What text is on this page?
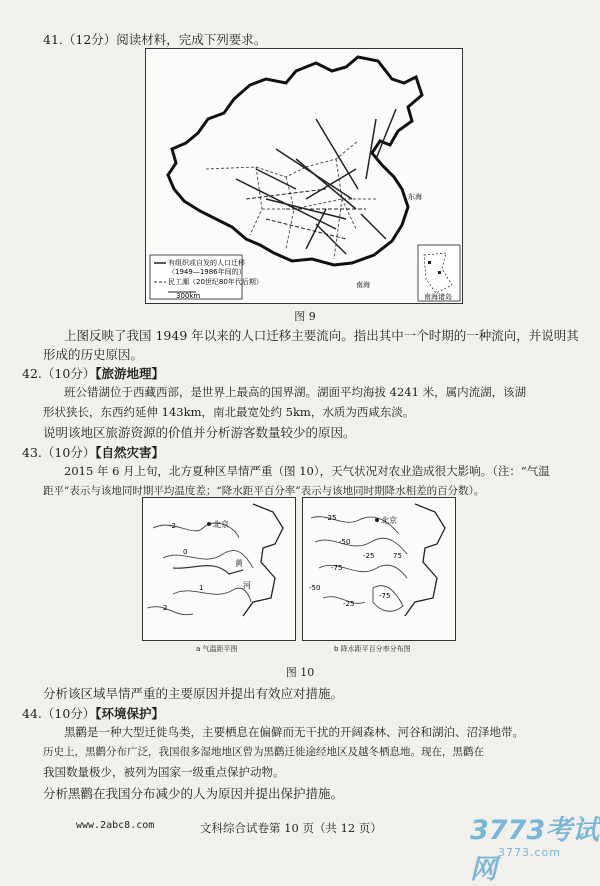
41.（12分）阅读材料，完成下列要求。
东海
南海
有组织或自发的人口迁移
（1949—1986年间的）
民工潮（20世纪80年代后期）
300km	南海诸岛
图 9
上图反映了我国 1949 年以来的人口迁移主要流向。指出其中一个时期的一种流向，并说明其
形成的历史原因。
42.（10分）【旅游地理】
班公错湖位于西藏西部，是世界上最高的国界湖。湖面平均海拔 4241 米，属内流湖，该湖
形状狭长，东西约延伸 143km，南北最宽处约 5km，水质为西咸东淡。
说明该地区旅游资源的价值并分析游客数量较少的原因。
43.（10分）【自然灾害】
2015 年 6 月上旬，北方夏种区旱情严重（图 10），天气状况对农业造成很大影响。（注：“气温
距平”表示与该地同时期平均温度差；“降水距平百分率”表示与该地同时期降水相差的百分数）。
北京
-2
0
1
2
黄
河
a 气温距平图
北京
-25
-50
-75
-25
-50
75
-75
-25
b 降水距平百分率分布图
图 10
分析该区域旱情严重的主要原因并提出有效应对措施。
44.（10分）【环境保护】
黑鹳是一种大型迁徙鸟类，主要栖息在偏僻而无干扰的开阔森林、河谷和湖泊、沼泽地带。
历史上，黑鹳分布广泛，我国很多湿地地区曾为黑鹳迁徙途经地区及越冬栖息地。现在，黑鹳在
我国数量极少，被列为国家一级重点保护动物。
分析黑鹳在我国分布减少的人为原因并提出保护措施。
www.2abc8.com	文科综合试卷第 10 页（共 12 页）	3773考试网
3773.com
